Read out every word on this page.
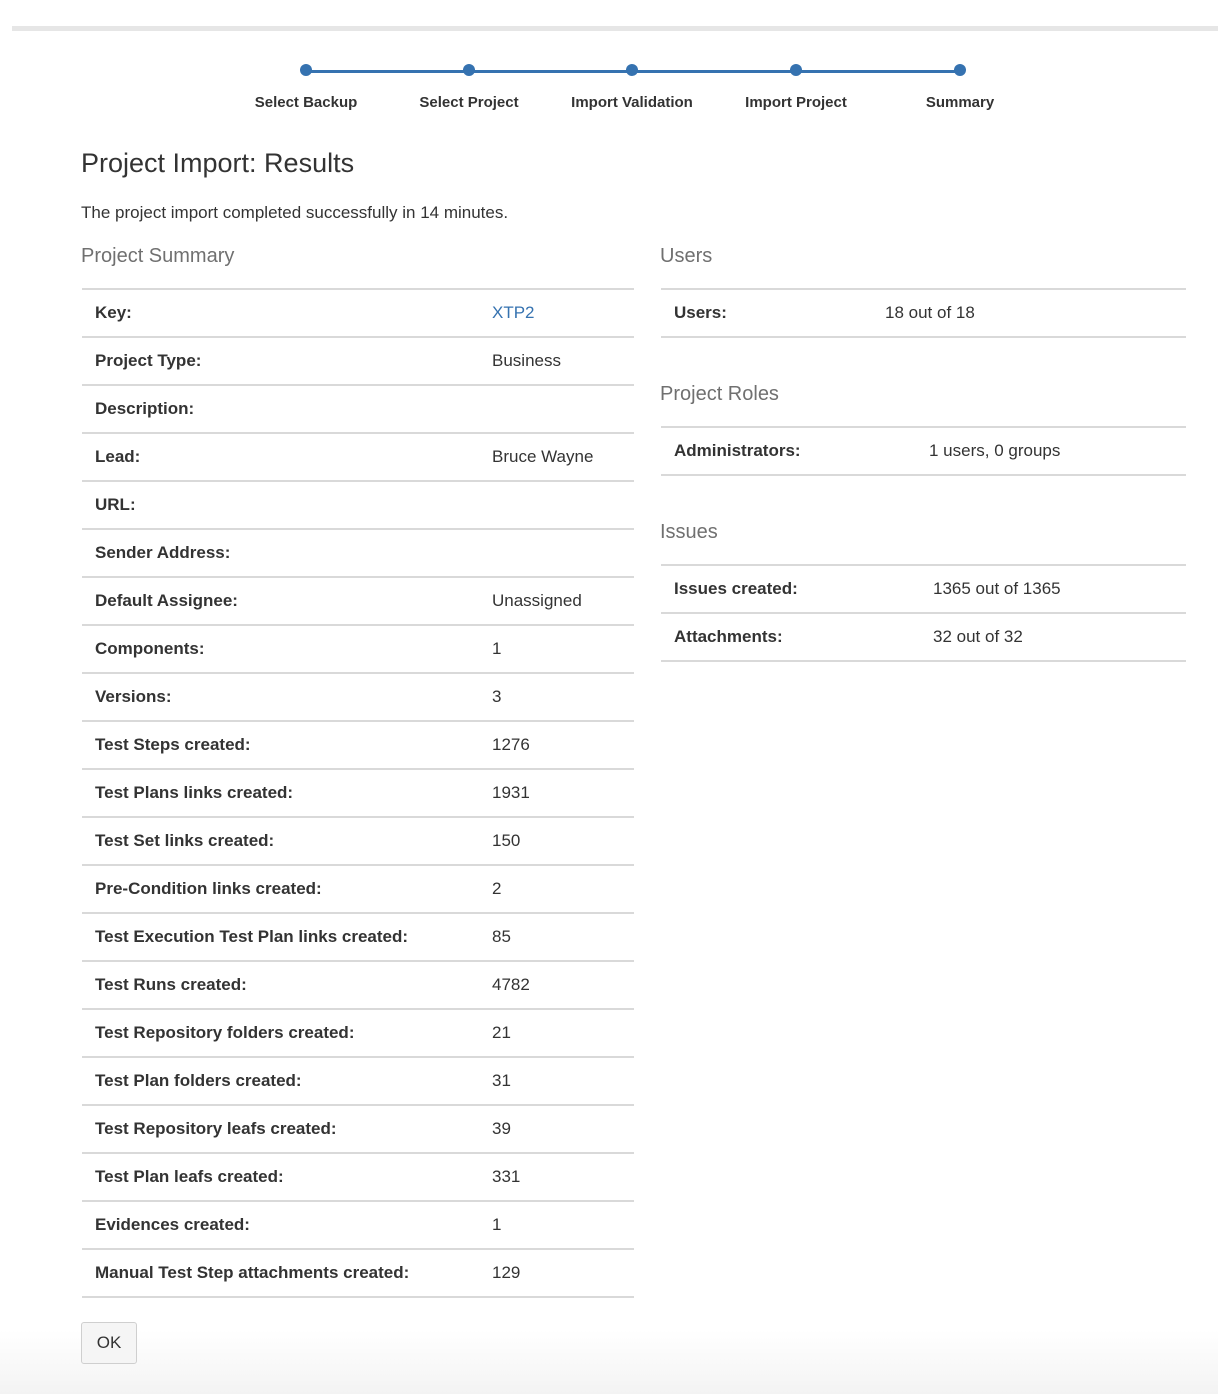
Select Backup	Select Project	Import Validation	Import Project	Summary
Project Import: Results

The project import completed successfully in 14 minutes.

Project Summary
Key:	XTP2
Project Type:	Business
Description:	
Lead:	Bruce Wayne
URL:	
Sender Address:	
Default Assignee:	Unassigned
Components:	1
Versions:	3
Test Steps created:	1276
Test Plans links created:	1931
Test Set links created:	150
Pre-Condition links created:	2
Test Execution Test Plan links created:	85
Test Runs created:	4782
Test Repository folders created:	21
Test Plan folders created:	31
Test Repository leafs created:	39
Test Plan leafs created:	331
Evidences created:	1
Manual Test Step attachments created:	129
Users
Users:	18 out of 18
Project Roles
Administrators:	1 users, 0 groups
Issues
Issues created:	1365 out of 1365
Attachments:	32 out of 32
OK
